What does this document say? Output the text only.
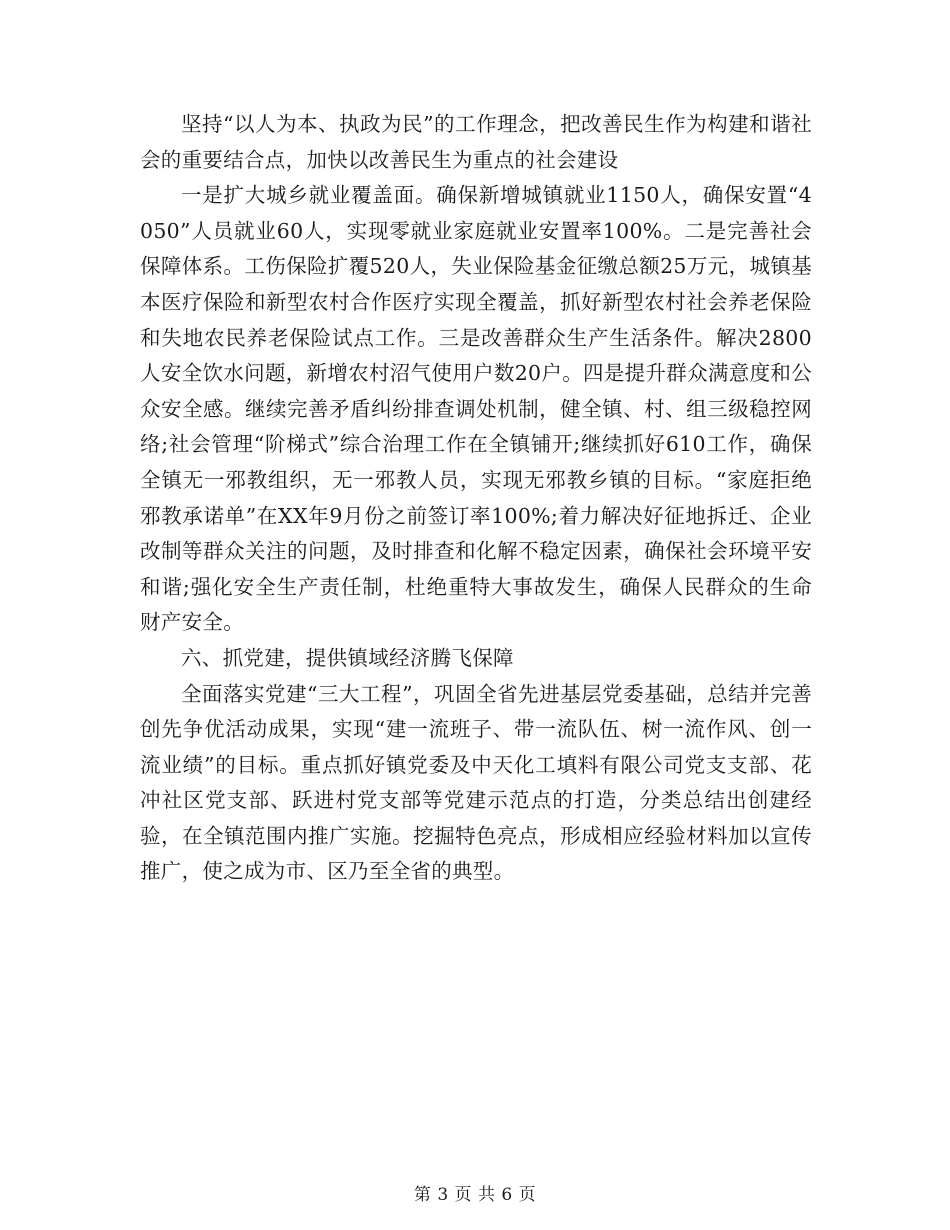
坚持“以人为本、执政为民”的工作理念，把改善民生作为构建和谐社会的重要结合点，加快以改善民生为重点的社会建设

一是扩大城乡就业覆盖面。确保新增城镇就业1150人，确保安置“4050”人员就业60人，实现零就业家庭就业安置率100%。二是完善社会保障体系。工伤保险扩覆520人，失业保险基金征缴总额25万元，城镇基本医疗保险和新型农村合作医疗实现全覆盖，抓好新型农村社会养老保险和失地农民养老保险试点工作。三是改善群众生产生活条件。解决2800人安全饮水问题，新增农村沼气使用户数20户。四是提升群众满意度和公众安全感。继续完善矛盾纠纷排查调处机制，健全镇、村、组三级稳控网络;社会管理“阶梯式”综合治理工作在全镇铺开;继续抓好610工作，确保全镇无一邪教组织，无一邪教人员，实现无邪教乡镇的目标。“家庭拒绝邪教承诺单”在XX年9月份之前签订率100%;着力解决好征地拆迁、企业改制等群众关注的问题，及时排查和化解不稳定因素，确保社会环境平安和谐;强化安全生产责任制，杜绝重特大事故发生，确保人民群众的生命财产安全。

六、抓党建，提供镇域经济腾飞保障

全面落实党建“三大工程”，巩固全省先进基层党委基础，总结并完善创先争优活动成果，实现“建一流班子、带一流队伍、树一流作风、创一流业绩”的目标。重点抓好镇党委及中天化工填料有限公司党支支部、花冲社区党支部、跃进村党支部等党建示范点的打造，分类总结出创建经验，在全镇范围内推广实施。挖掘特色亮点，形成相应经验材料加以宣传推广，使之成为市、区乃至全省的典型。

第 3 页 共 6 页
